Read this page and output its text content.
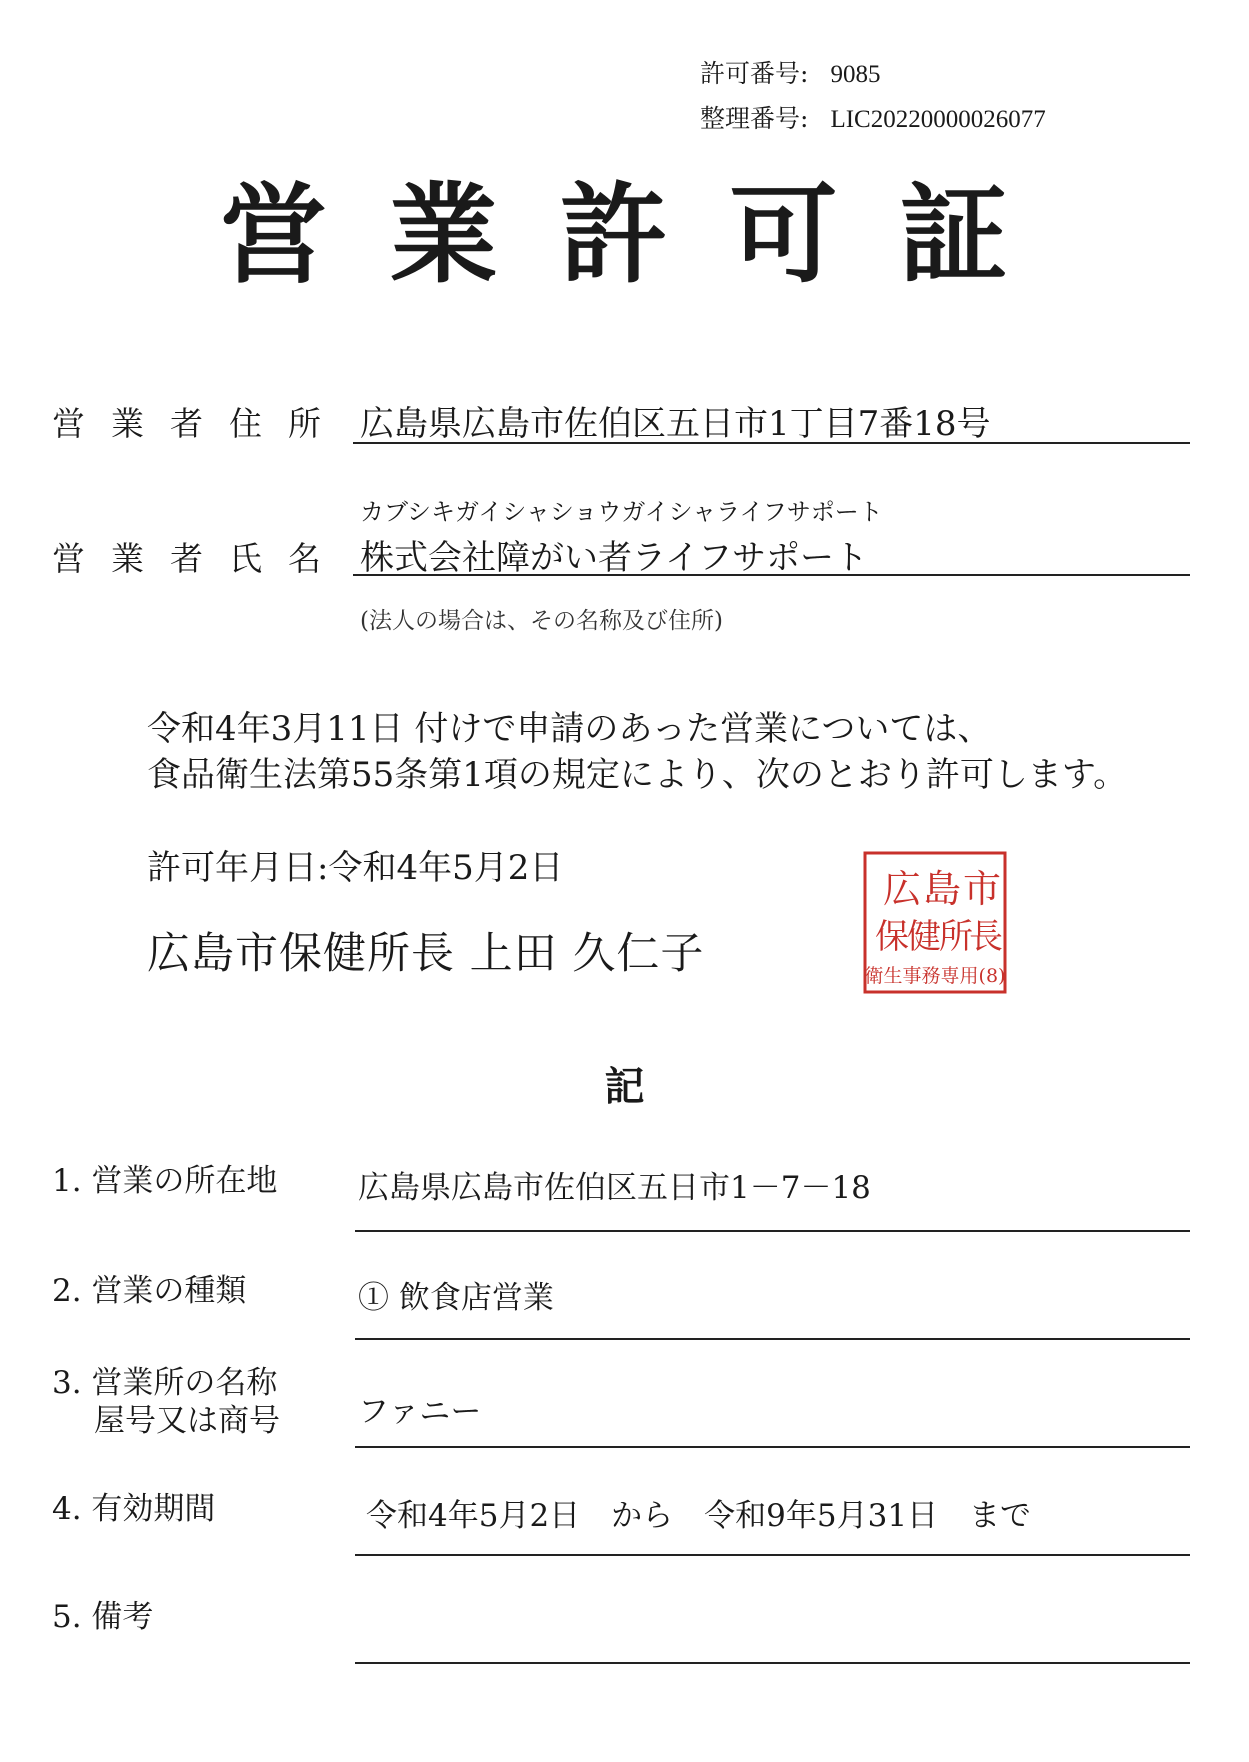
許可番号: 9085
整理番号: LIC20220000026077
営業許可証
営業者住所 広島県広島市佐伯区五日市1丁目7番18号
カブシキガイシャショウガイシャライフサポート
営業者氏名 株式会社障がい者ライフサポート
(法人の場合は、その名称及び住所)
令和4年3月11日 付けで申請のあった営業については、
食品衛生法第55条第1項の規定により、次のとおり許可します。
許可年月日:令和4年5月2日
広島市保健所長 上田 久仁子
広 島 市
保
健
所
長
衛生事務専用(8)
記
1. 営業の所在地	広島県広島市佐伯区五日市1－7－18
2. 営業の種類	① 飲食店営業
3. 営業所の名称
屋号又は商号	ファニー
4. 有効期間	令和4年5月2日　から　令和9年5月31日　まで
5. 備考
